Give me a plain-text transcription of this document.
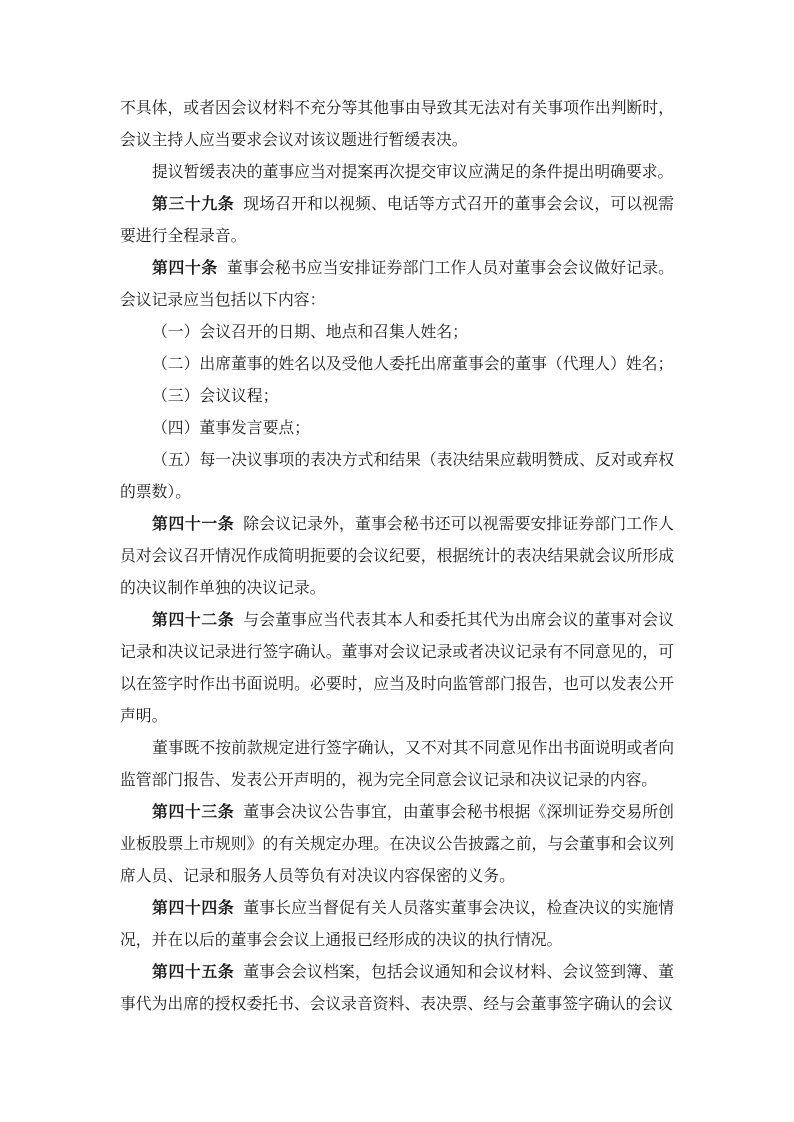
不具体，或者因会议材料不充分等其他事由导致其无法对有关事项作出判断时，会议主持人应当要求会议对该议题进行暂缓表决。

提议暂缓表决的董事应当对提案再次提交审议应满足的条件提出明确要求。

第三十九条 现场召开和以视频、电话等方式召开的董事会会议，可以视需要进行全程录音。

第四十条 董事会秘书应当安排证券部门工作人员对董事会会议做好记录。会议记录应当包括以下内容：

（一）会议召开的日期、地点和召集人姓名；

（二）出席董事的姓名以及受他人委托出席董事会的董事（代理人）姓名；

（三）会议议程；

（四）董事发言要点；

（五）每一决议事项的表决方式和结果（表决结果应载明赞成、反对或弃权的票数）。

第四十一条 除会议记录外，董事会秘书还可以视需要安排证券部门工作人员对会议召开情况作成简明扼要的会议纪要，根据统计的表决结果就会议所形成的决议制作单独的决议记录。

第四十二条 与会董事应当代表其本人和委托其代为出席会议的董事对会议记录和决议记录进行签字确认。董事对会议记录或者决议记录有不同意见的，可以在签字时作出书面说明。必要时，应当及时向监管部门报告，也可以发表公开声明。

董事既不按前款规定进行签字确认，又不对其不同意见作出书面说明或者向监管部门报告、发表公开声明的，视为完全同意会议记录和决议记录的内容。

第四十三条 董事会决议公告事宜，由董事会秘书根据《深圳证券交易所创业板股票上市规则》的有关规定办理。在决议公告披露之前，与会董事和会议列席人员、记录和服务人员等负有对决议内容保密的义务。

第四十四条 董事长应当督促有关人员落实董事会决议，检查决议的实施情况，并在以后的董事会会议上通报已经形成的决议的执行情况。

第四十五条 董事会会议档案，包括会议通知和会议材料、会议签到簿、董事代为出席的授权委托书、会议录音资料、表决票、经与会董事签字确认的会议
